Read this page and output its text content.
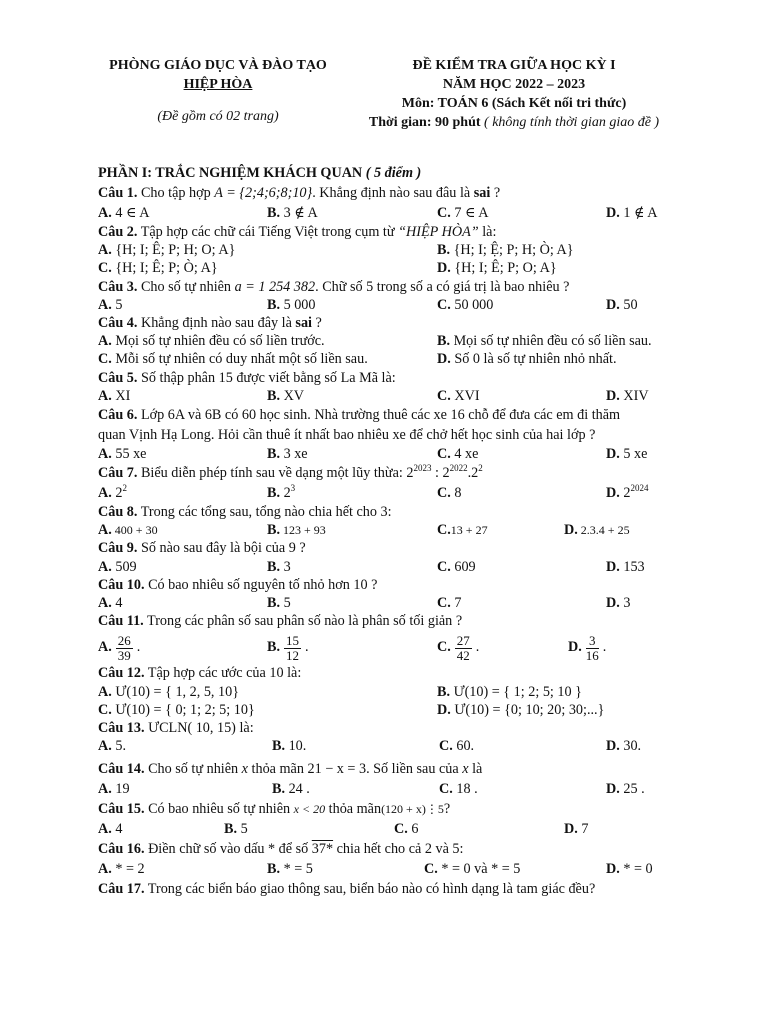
PHÒNG GIÁO DỤC VÀ ĐÀO TẠO
HIỆP HÒA
(Đề gồm có 02 trang)
ĐỀ KIỂM TRA GIỮA HỌC KỲ I
NĂM HỌC 2022 – 2023
Môn: TOÁN 6 (Sách Kết nối tri thức)
Thời gian: 90 phút ( không tính thời gian giao đề )
PHẦN I: TRẮC NGHIỆM KHÁCH QUAN ( 5 điểm )
Câu 1. Cho tập hợp A = {2;4;6;8;10}. Khẳng định nào sau đâu là sai ?
A. 4 ∈ A	B. 3 ∉ A	C. 7 ∈ A	D. 1 ∉ A
Câu 2. Tập hợp các chữ cái Tiếng Việt trong cụm từ “HIỆP HÒA” là:
A. {H; I; Ê; P; H; O; A}	B. {H; I; Ệ; P; H; Ò; A}
C. {H; I; Ê; P; Ò; A}	D. {H; I; Ê; P; O; A}
Câu 3. Cho số tự nhiên a = 1 254 382. Chữ số 5 trong số a có giá trị là bao nhiêu ?
A. 5	B. 5 000	C. 50 000	D. 50
Câu 4. Khẳng định nào sau đây là sai ?
A. Mọi số tự nhiên đều có số liền trước.	B. Mọi số tự nhiên đều có số liền sau.
C. Mỗi số tự nhiên có duy nhất một số liền sau.	D. Số 0 là số tự nhiên nhỏ nhất.
Câu 5. Số thập phân 15 được viết bằng số La Mã là:
A. XI	B. XV	C. XVI	D. XIV
Câu 6. Lớp 6A và 6B có 60 học sinh. Nhà trường thuê các xe 16 chỗ để đưa các em đi thăm
quan Vịnh Hạ Long. Hỏi cần thuê ít nhất bao nhiêu xe để chở hết học sinh của hai lớp ?
A. 55 xe	B. 3 xe	C. 4 xe	D. 5 xe
Câu 7. Biểu diễn phép tính sau về dạng một lũy thừa: $2^{2023}$ : $2^{2022}.2^2$
A. $2^2$	B. $2^3$	C. 8	D. $2^{2024}$
Câu 8. Trong các tổng sau, tổng nào chia hết cho 3:
A. 400 + 30	B. 123 + 93	C.13 + 27	D. 2.3.4 + 25
Câu 9. Số nào sau đây là bội của 9 ?
A. 509	B. 3	C. 609	D. 153
Câu 10. Có bao nhiêu số nguyên tố nhỏ hơn 10 ?
A. 4	B. 5	C. 7	D. 3
Câu 11. Trong các phân số sau phân số nào là phân số tối giản ?
A. $\frac{26}{39}$ .	B. $\frac{15}{12}$ .	C. $\frac{27}{42}$ .	D. $\frac{3}{16}$ .
Câu 12. Tập hợp các ước của 10 là:
A. Ư(10) = { 1, 2, 5, 10}	B. Ư(10) = { 1; 2; 5; 10 }
C. Ư(10) = { 0; 1; 2; 5; 10}	D. Ư(10) = {0; 10; 20; 30;...}
Câu 13. ƯCLN( 10, 15) là:
A. 5.	B. 10.	C. 60.	D. 30.
Câu 14. Cho số tự nhiên x thỏa mãn 21 − x = 3. Số liền sau của x là
A. 19	B. 24 .	C. 18 .	D. 25 .
Câu 15. Có bao nhiêu số tự nhiên x < 20 thỏa mãn(120 + x)⋮5?
A. 4	B. 5	C. 6	D. 7
Câu 16. Điền chữ số vào dấu * để số 37* chia hết cho cả 2 và 5:
A. * = 2	B. * = 5	C. * = 0 và * = 5	D. * = 0
Câu 17. Trong các biển báo giao thông sau, biển báo nào có hình dạng là tam giác đều?
